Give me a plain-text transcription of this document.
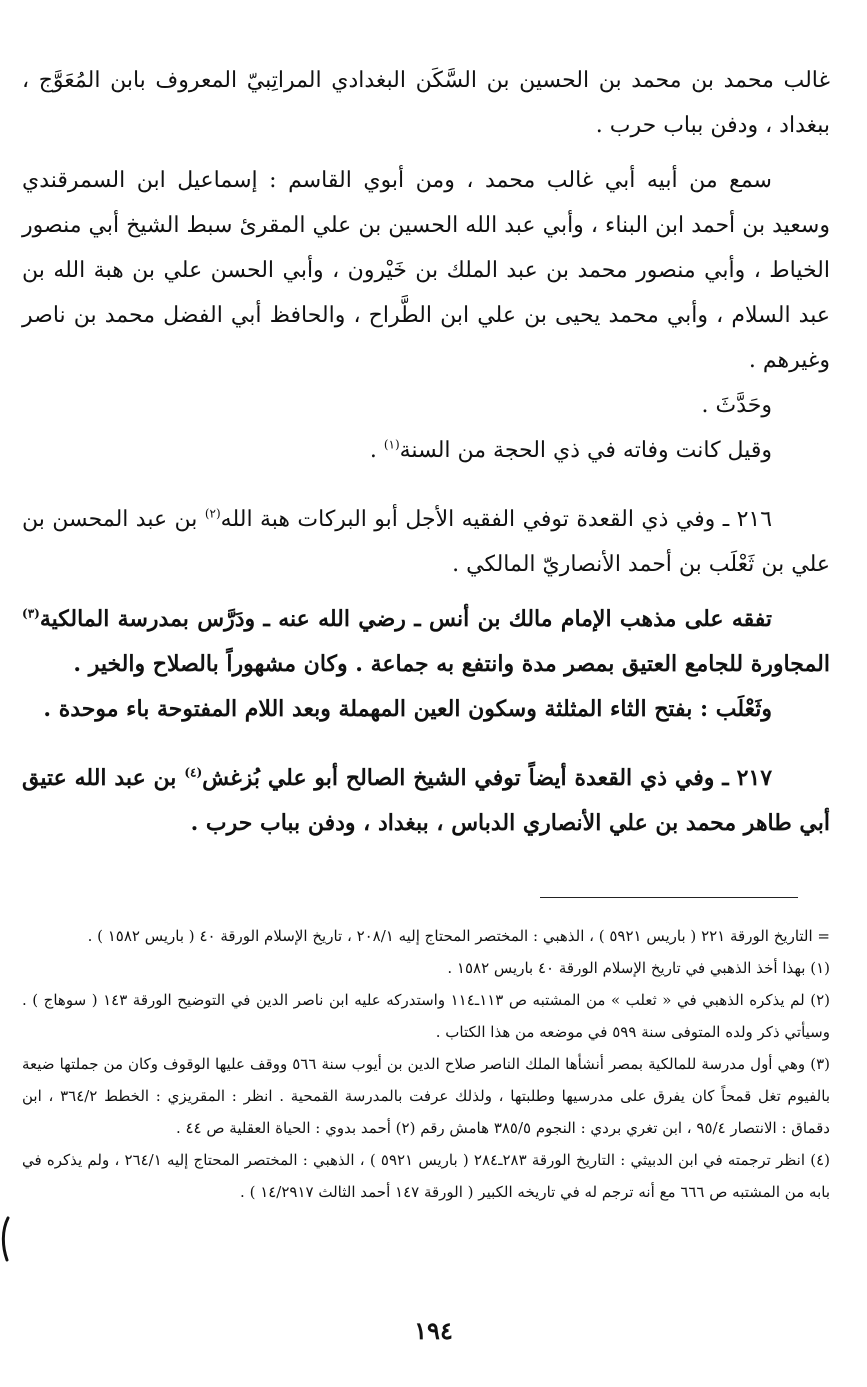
غالب محمد بن محمد بن الحسين بن السَّكَن البغدادي المراتِبيّ المعروف بابن المُعَوَّج ، ببغداد ، ودفن بباب حرب .

سمع من أبيه أبي غالب محمد ، ومن أبوي القاسم : إسماعيل ابن السمرقندي وسعيد بن أحمد ابن البناء ، وأبي عبد الله الحسين بن علي المقرئ سبط الشيخ أبي منصور الخياط ، وأبي منصور محمد بن عبد الملك بن خَيْرون ، وأبي الحسن علي بن هبة الله بن عبد السلام ، وأبي محمد يحيى بن علي ابن الطَّراح ، والحافظ أبي الفضل محمد بن ناصر وغيرهم .

وحَدَّثَ .

وقيل كانت وفاته في ذي الحجة من السنة$^{(١)}$ .

٢١٦ ـ وفي ذي القعدة توفي الفقيه الأجل أبو البركات هبة الله$^{(٢)}$ بن عبد المحسن بن علي بن ثَعْلَب بن أحمد الأنصاريّ المالكي .

تفقه على مذهب الإمام مالك بن أنس ـ رضي الله عنه ـ ودَرَّس بمدرسة المالكية$^{(٣)}$ المجاورة للجامع العتيق بمصر مدة وانتفع به جماعة . وكان مشهوراً بالصلاح والخير .

وثَعْلَب : بفتح الثاء المثلثة وسكون العين المهملة وبعد اللام المفتوحة باء موحدة .

٢١٧ ـ وفي ذي القعدة أيضاً توفي الشيخ الصالح أبو علي بُزغش$^{(٤)}$ بن عبد الله عتيق أبي طاهر محمد بن علي الأنصاري الدباس ، ببغداد ، ودفن بباب حرب .

= التاريخ الورقة ٢٢١ ( باريس ٥٩٢١ ) ، الذهبي : المختصر المحتاج إليه ٢٠٨/١ ، تاريخ الإسلام الورقة ٤٠ ( باريس ١٥٨٢ ) .

(١) بهذا أخذ الذهبي في تاريخ الإسلام الورقة ٤٠ باريس ١٥٨٢ .

(٢) لم يذكره الذهبي في « ثعلب » من المشتبه ص ١١٣ـ١١٤ واستدركه عليه ابن ناصر الدين في التوضيح الورقة ١٤٣ ( سوهاج ) . وسيأتي ذكر ولده المتوفى سنة ٥٩٩ في موضعه من هذا الكتاب .

(٣) وهي أول مدرسة للمالكية بمصر أنشأها الملك الناصر صلاح الدين بن أيوب سنة ٥٦٦ ووقف عليها الوقوف وكان من جملتها ضيعة بالفيوم تغل قمحاً كان يفرق على مدرسيها وطلبتها ، ولذلك عرفت بالمدرسة القمحية . انظر : المقريزي : الخطط ٣٦٤/٢ ، ابن دقماق : الانتصار ٩٥/٤ ، ابن تغري بردي : النجوم ٣٨٥/٥ هامش رقم (٢) أحمد بدوي : الحياة العقلية ص ٤٤ .

(٤) انظر ترجمته في ابن الدبيثي : التاريخ الورقة ٢٨٣ـ٢٨٤ ( باريس ٥٩٢١ ) ، الذهبي : المختصر المحتاج إليه ٢٦٤/١ ، ولم يذكره في بابه من المشتبه ص ٦٦٦ مع أنه ترجم له في تاريخه الكبير ( الورقة ١٤٧ أحمد الثالث ١٤/٢٩١٧ ) .

١٩٤
